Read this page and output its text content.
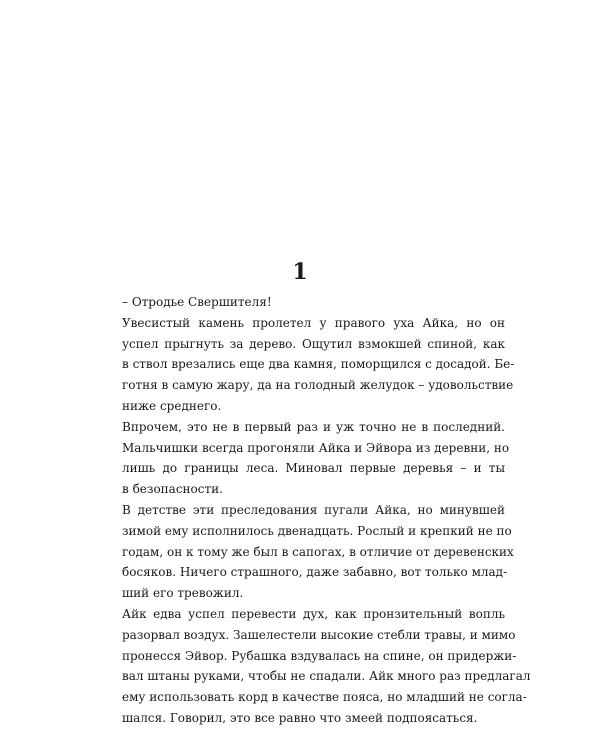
1

– Отродье Свершителя!

Увесистый камень пролетел у правого уха Айка, но он
успел прыгнуть за дерево. Ощутил взмокшей спиной, как
в ствол врезались еще два камня, поморщился с досадой. Бе-
готня в самую жару, да на голодный желудок – удовольствие
ниже среднего.

Впрочем, это не в первый раз и уж точно не в последний.
Мальчишки всегда прогоняли Айка и Эйвора из деревни, но
лишь до границы леса. Миновал первые деревья – и ты
в безопасности.

В детстве эти преследования пугали Айка, но минувшей
зимой ему исполнилось двенадцать. Рослый и крепкий не по
годам, он к тому же был в сапогах, в отличие от деревенских
босяков. Ничего страшного, даже забавно, вот только млад-
ший его тревожил.

Айк едва успел перевести дух, как пронзительный вопль
разорвал воздух. Зашелестели высокие стебли травы, и мимо
пронесся Эйвор. Рубашка вздувалась на спине, он придержи-
вал штаны руками, чтобы не спадали. Айк много раз предлагал
ему использовать корд в качестве пояса, но младший не согла-
шался. Говорил, это все равно что змеей подпоясаться.
